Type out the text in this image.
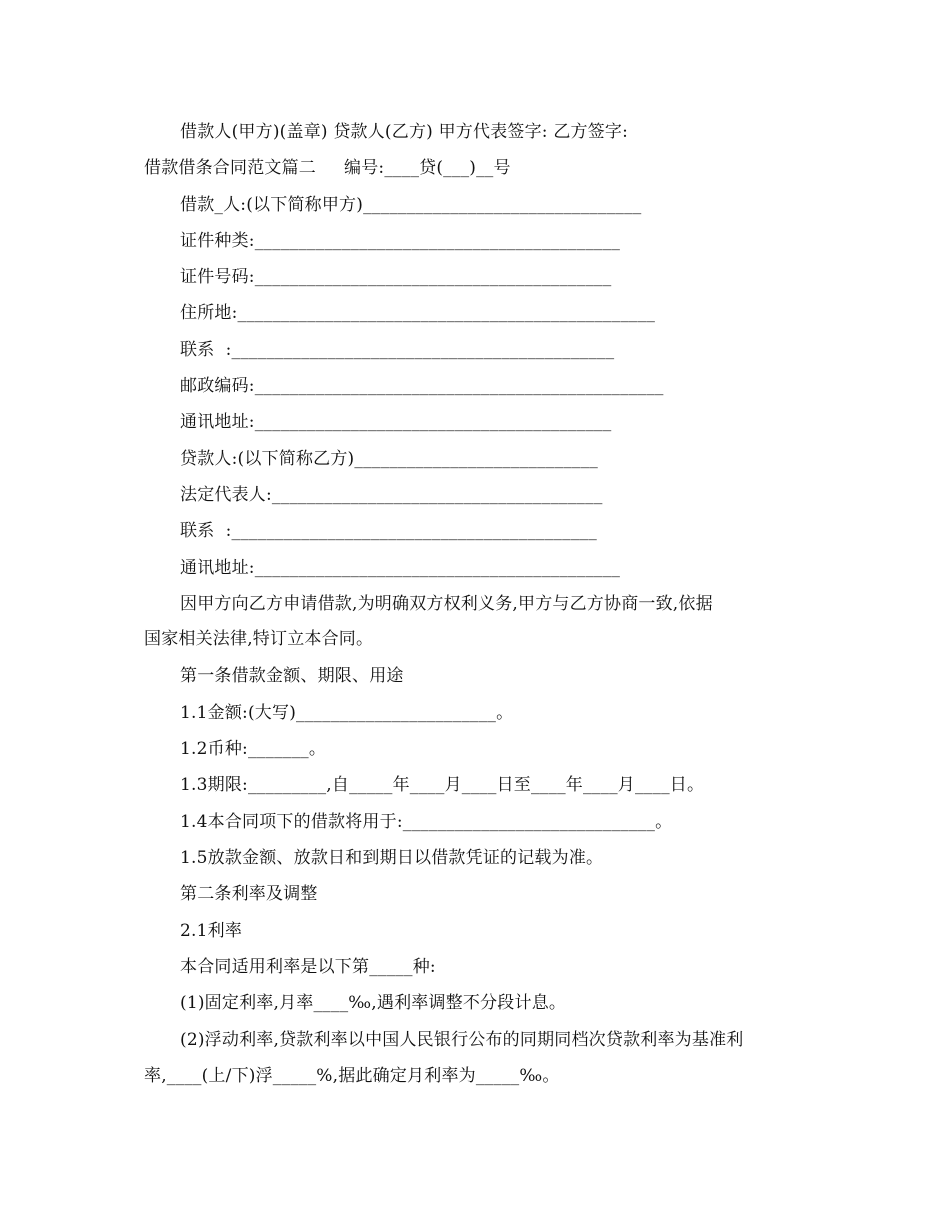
借款人(甲方)(盖章) 贷款人(乙方) 甲方代表签字: 乙方签字:
借款借条合同范文篇二     编号:____贷(___)__号
借款_人:(以下简称甲方)________________________________
证件种类:__________________________________________
证件号码:_________________________________________
住所地:________________________________________________
联系  :____________________________________________
邮政编码:_______________________________________________
通讯地址:_________________________________________
贷款人:(以下简称乙方)____________________________
法定代表人:______________________________________
联系  :__________________________________________
通讯地址:__________________________________________
因甲方向乙方申请借款,为明确双方权利义务,甲方与乙方协商一致,依据
国家相关法律,特订立本合同。
第一条借款金额、期限、用途
1.1金额:(大写)_______________________。
1.2币种:_______。
1.3期限:_________,自_____年____月____日至____年____月____日。
1.4本合同项下的借款将用于:_____________________________。
1.5放款金额、放款日和到期日以借款凭证的记载为准。
第二条利率及调整
2.1利率
本合同适用利率是以下第_____种:
(1)固定利率,月率____‰,遇利率调整不分段计息。
(2)浮动利率,贷款利率以中国人民银行公布的同期同档次贷款利率为基准利
率,____(上/下)浮_____%,据此确定月利率为_____‰。
